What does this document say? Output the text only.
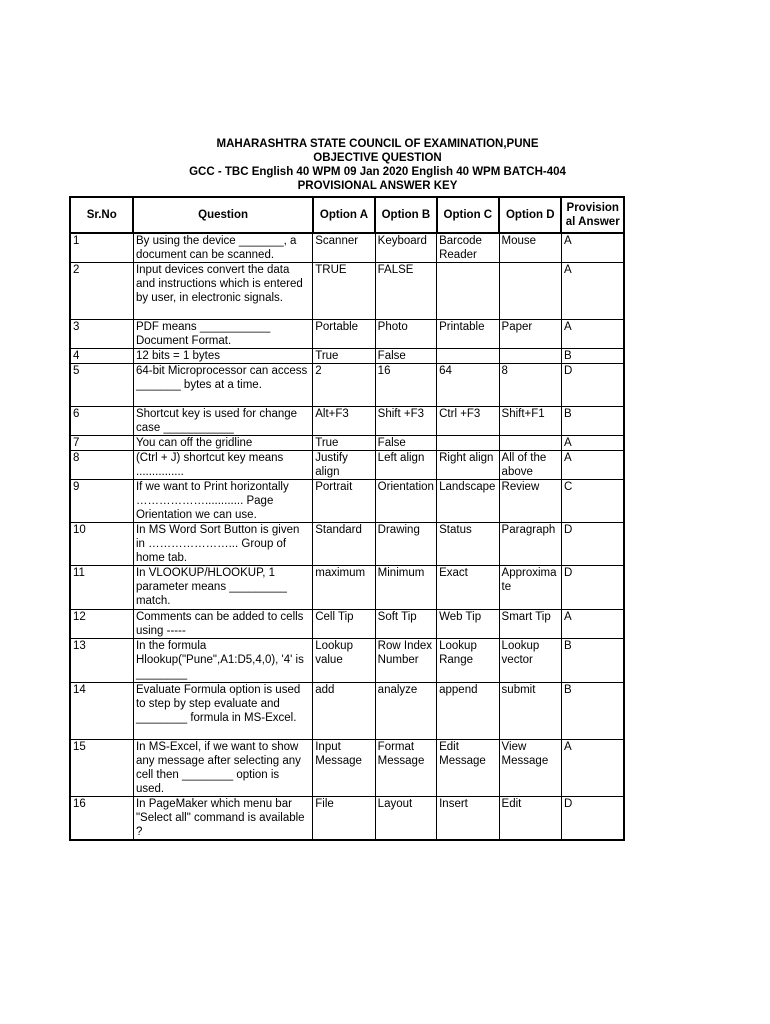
MAHARASHTRA STATE COUNCIL OF EXAMINATION,PUNE
OBJECTIVE QUESTION
GCC - TBC English 40 WPM 09 Jan 2020 English 40 WPM BATCH-404
PROVISIONAL ANSWER KEY
Sr.No	Question	Option A	Option B	Option C	Option D	Provisional Answer
1	By using the device _______, a document can be scanned.	Scanner	Keyboard	Barcode Reader	Mouse	A
2	Input devices convert the data and instructions which is entered by user, in electronic signals.	TRUE	FALSE			A
3	PDF means ___________ Document Format.	Portable	Photo	Printable	Paper	A
4	12 bits = 1 bytes	True	False			B
5	64-bit Microprocessor can access _______ bytes at a time.	2	16	64	8	D
6	Shortcut key is used for change case ___________	Alt+F3	Shift +F3	Ctrl +F3	Shift+F1	B
7	You can off the gridline	True	False			A
8	(Ctrl + J) shortcut key means ...............	Justify align	Left align	Right align	All of the above	A
9	If we want to Print horizontally ………………............ Page Orientation we can use.	Portrait	Orientation	Landscape	Review	C
10	In MS Word Sort Button is given in …………………... Group of home tab.	Standard	Drawing	Status	Paragraph	D
11	In VLOOKUP/HLOOKUP, 1 parameter means _________ match.	maximum	Minimum	Exact	Approximate	D
12	Comments can be added to cells using -----	Cell Tip	Soft Tip	Web Tip	Smart Tip	A
13	In the formula Hlookup("Pune",A1:D5,4,0), '4' is ________	Lookup value	Row Index Number	Lookup Range	Lookup vector	B
14	Evaluate Formula option is used to step by step evaluate and ________ formula in MS-Excel.	add	analyze	append	submit	B
15	In MS-Excel, if we want to show any message after selecting any cell then ________ option is used.	Input Message	Format Message	Edit Message	View Message	A
16	In PageMaker which menu bar "Select all" command is available ?	File	Layout	Insert	Edit	D
